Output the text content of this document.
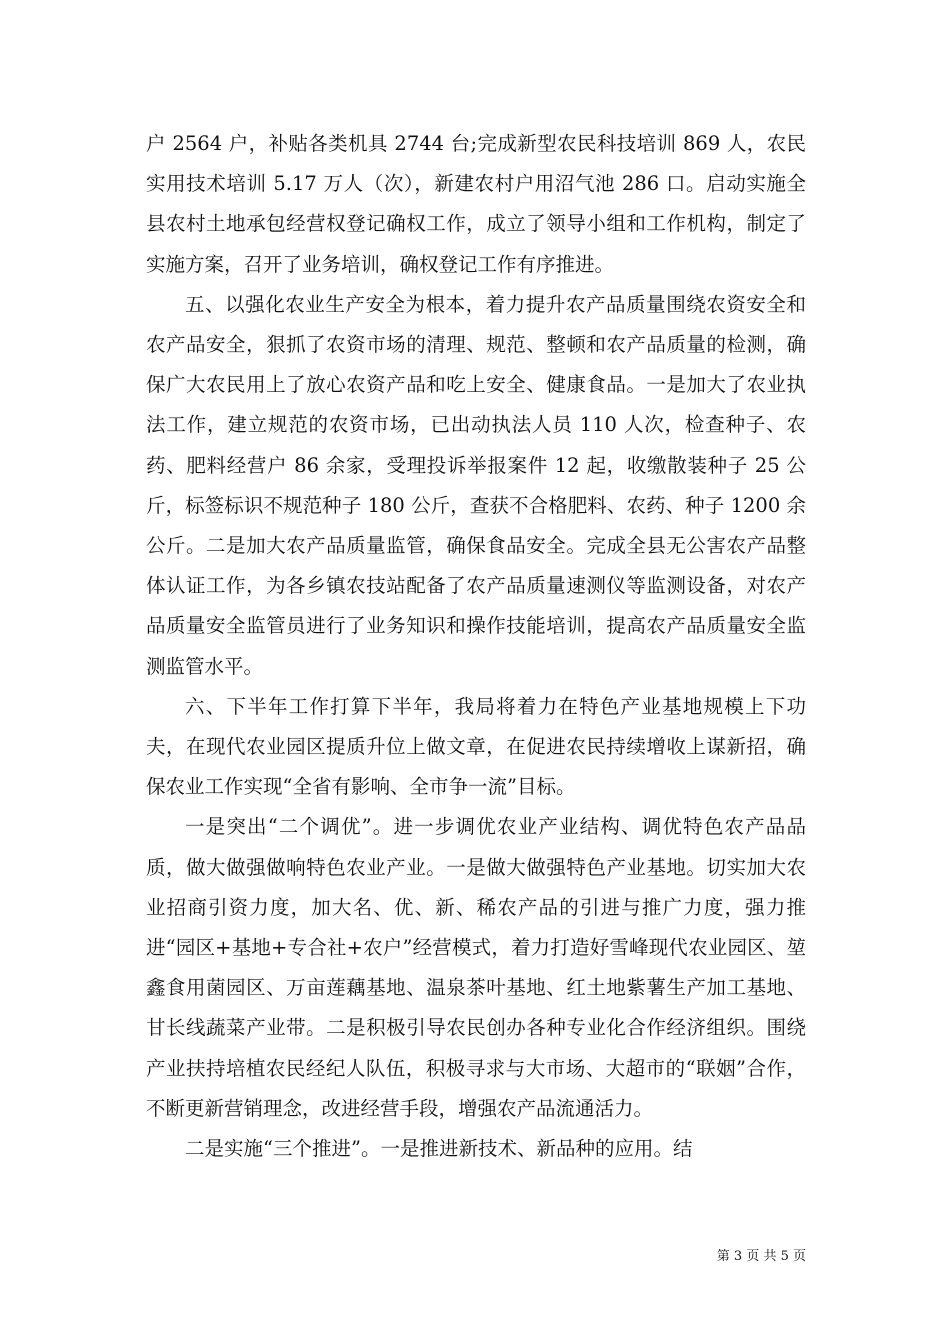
户 2564 户，补贴各类机具 2744 台;完成新型农民科技培训 869 人，农民实用技术培训 5.17 万人（次），新建农村户用沼气池 286 口。启动实施全县农村土地承包经营权登记确权工作，成立了领导小组和工作机构，制定了实施方案，召开了业务培训，确权登记工作有序推进。

五、以强化农业生产安全为根本，着力提升农产品质量围绕农资安全和农产品安全，狠抓了农资市场的清理、规范、整顿和农产品质量的检测，确保广大农民用上了放心农资产品和吃上安全、健康食品。一是加大了农业执法工作，建立规范的农资市场，已出动执法人员 110 人次，检查种子、农药、肥料经营户 86 余家，受理投诉举报案件 12 起，收缴散装种子 25 公斤，标签标识不规范种子 180 公斤，查获不合格肥料、农药、种子 1200 余公斤。二是加大农产品质量监管，确保食品安全。完成全县无公害农产品整体认证工作，为各乡镇农技站配备了农产品质量速测仪等监测设备，对农产品质量安全监管员进行了业务知识和操作技能培训，提高农产品质量安全监测监管水平。

六、下半年工作打算下半年，我局将着力在特色产业基地规模上下功夫，在现代农业园区提质升位上做文章，在促进农民持续增收上谋新招，确保农业工作实现“全省有影响、全市争一流”目标。

一是突出“二个调优”。进一步调优农业产业结构、调优特色农产品品质，做大做强做响特色农业产业。一是做大做强特色产业基地。切实加大农业招商引资力度，加大名、优、新、稀农产品的引进与推广力度，强力推进“园区+基地+专合社+农户”经营模式，着力打造好雪峰现代农业园区、堃鑫食用菌园区、万亩莲藕基地、温泉茶叶基地、红土地紫薯生产加工基地、甘长线蔬菜产业带。二是积极引导农民创办各种专业化合作经济组织。围绕产业扶持培植农民经纪人队伍，积极寻求与大市场、大超市的“联姻”合作，不断更新营销理念，改进经营手段，增强农产品流通活力。

二是实施“三个推进”。一是推进新技术、新品种的应用。结

第 3 页 共 5 页
